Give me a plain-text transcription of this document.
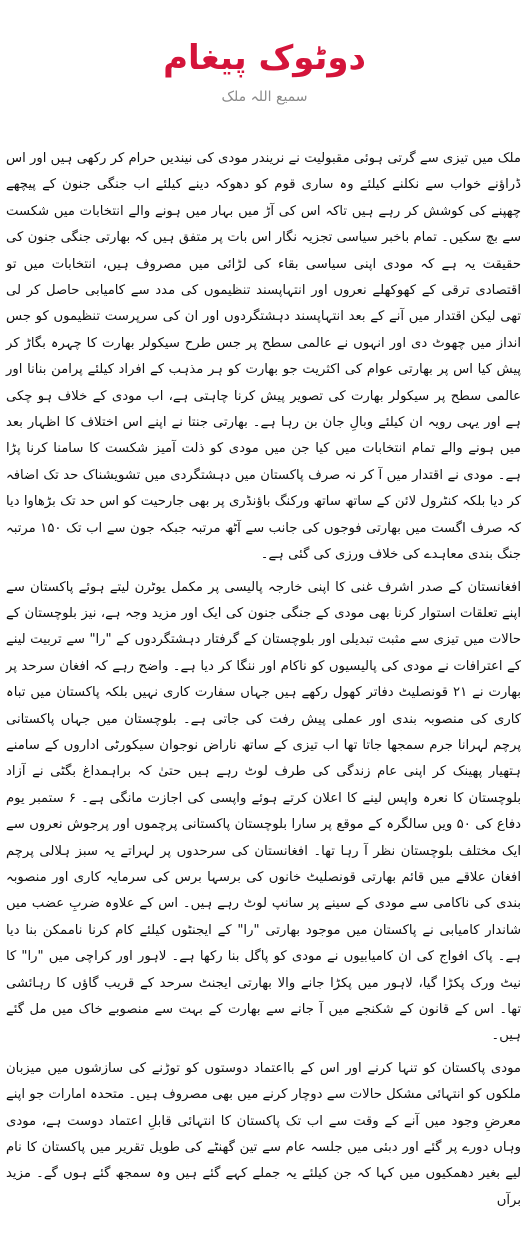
دوٹوک پیغام
سمیع اللہ ملک

ملک میں تیزی سے گرتی ہوئی مقبولیت نے نریندر مودی کی نیندیں حرام کر رکھی ہیں اور اس ڈراؤنے خواب سے نکلنے کیلئے وہ ساری قوم کو دھوکہ دینے کیلئے اب جنگی جنون کے پیچھے چھپنے کی کوشش کر رہے ہیں تاکہ اس کی آڑ میں بہار میں ہونے والے انتخابات میں شکست سے بچ سکیں۔ تمام باخبر سیاسی تجزیہ نگار اس بات پر متفق ہیں کہ بھارتی جنگی جنون کی حقیقت یہ ہے کہ مودی اپنی سیاسی بقاء کی لڑائی میں مصروف ہیں، انتخابات میں تو اقتصادی ترقی کے کھوکھلے نعروں اور انتہاپسند تنظیموں کی مدد سے کامیابی حاصل کر لی تھی لیکن اقتدار میں آنے کے بعد انتہاپسند دہشتگردوں اور ان کی سرپرست تنظیموں کو جس انداز میں چھوٹ دی اور انہوں نے عالمی سطح پر جس طرح سیکولر بھارت کا چہرہ بگاڑ کر پیش کیا اس پر بھارتی عوام کی اکثریت جو بھارت کو ہر مذہب کے افراد کیلئے پرامن بنانا اور عالمی سطح پر سیکولر بھارت کی تصویر پیش کرنا چاہتی ہے، اب مودی کے خلاف ہو چکی ہے اور یہی رویہ ان کیلئے وبالِ جان بن رہا ہے۔ بھارتی جنتا نے اپنے اس اختلاف کا اظہار بعد میں ہونے والے تمام انتخابات میں کیا جن میں مودی کو ذلت آمیز شکست کا سامنا کرنا پڑا ہے۔ مودی نے اقتدار میں آ کر نہ صرف پاکستان میں دہشتگردی میں تشویشناک حد تک اضافہ کر دیا بلکہ کنٹرول لائن کے ساتھ ساتھ ورکنگ باؤنڈری پر بھی جارحیت کو اس حد تک بڑھاوا دیا کہ صرف اگست میں بھارتی فوجوں کی جانب سے آٹھ مرتبہ جبکہ جون سے اب تک ۱۵۰ مرتبہ جنگ بندی معاہدے کی خلاف ورزی کی گئی ہے۔

افغانستان کے صدر اشرف غنی کا اپنی خارجہ پالیسی پر مکمل یوٹرن لیتے ہوئے پاکستان سے اپنے تعلقات استوار کرنا بھی مودی کے جنگی جنون کی ایک اور مزید وجہ ہے، نیز بلوچستان کے حالات میں تیزی سے مثبت تبدیلی اور بلوچستان کے گرفتار دہشتگردوں کے "را" سے تربیت لینے کے اعترافات نے مودی کی پالیسیوں کو ناکام اور ننگا کر دیا ہے۔ واضح رہے کہ افغان سرحد پر بھارت نے ۲۱ قونصلیٹ دفاتر کھول رکھے ہیں جہاں سفارت کاری نہیں بلکہ پاکستان میں تباہ کاری کی منصوبہ بندی اور عملی پیش رفت کی جاتی ہے۔ بلوچستان میں جہاں پاکستانی پرچم لہرانا جرم سمجھا جاتا تھا اب تیزی کے ساتھ ناراض نوجوان سیکورٹی اداروں کے سامنے ہتھیار پھینک کر اپنی عام زندگی کی طرف لوٹ رہے ہیں حتیٰ کہ براہمداغ بگٹی نے آزاد بلوچستان کا نعرہ واپس لینے کا اعلان کرتے ہوئے واپسی کی اجازت مانگی ہے۔ ۶ ستمبر یوم دفاع کی ۵۰ ویں سالگرہ کے موقع پر سارا بلوچستان پاکستانی پرچموں اور پرجوش نعروں سے ایک مختلف بلوچستان نظر آ رہا تھا۔ افغانستان کی سرحدوں پر لہراتے یہ سبز ہلالی پرچم افغان علاقے میں قائم بھارتی قونصلیٹ خانوں کی برسہا برس کی سرمایہ کاری اور منصوبہ بندی کی ناکامی سے مودی کے سینے پر سانپ لوٹ رہے ہیں۔ اس کے علاوہ ضربِ عضب میں شاندار کامیابی نے پاکستان میں موجود بھارتی "را" کے ایجنٹوں کیلئے کام کرنا ناممکن بنا دیا ہے۔ پاک افواج کی ان کامیابیوں نے مودی کو پاگل بنا رکھا ہے۔ لاہور اور کراچی میں "را" کا نیٹ ورک پکڑا گیا، لاہور میں پکڑا جانے والا بھارتی ایجنٹ سرحد کے قریب گاؤں کا رہائشی تھا۔ اس کے قانون کے شکنجے میں آ جانے سے بھارت کے بہت سے منصوبے خاک میں مل گئے ہیں۔

مودی پاکستان کو تنہا کرنے اور اس کے بااعتماد دوستوں کو توڑنے کی سازشوں میں میزبان ملکوں کو انتہائی مشکل حالات سے دوچار کرنے میں بھی مصروف ہیں۔ متحدہ امارات جو اپنے معرضِ وجود میں آنے کے وقت سے اب تک پاکستان کا انتہائی قابلِ اعتماد دوست ہے، مودی وہاں دورے پر گئے اور دبئی میں جلسہ عام سے تین گھنٹے کی طویل تقریر میں پاکستان کا نام لیے بغیر دھمکیوں میں کہا کہ جن کیلئے یہ جملے کہے گئے ہیں وہ سمجھ گئے ہوں گے۔ مزید برآں
